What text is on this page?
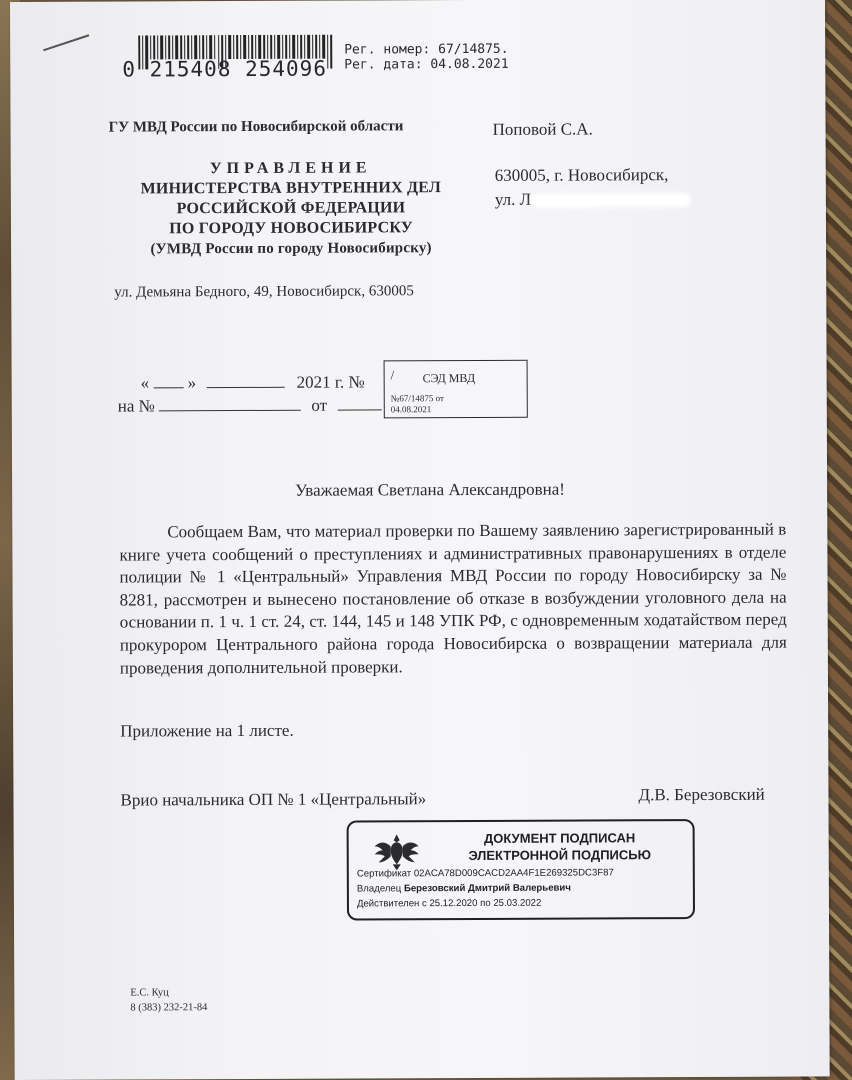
0 215408 254096
Рег. номер: 67/14875.
Рег. дата: 04.08.2021
ГУ МВД России по Новосибирской области
УПРАВЛЕНИЕ
МИНИСТЕРСТВА ВНУТРЕННИХ ДЕЛ
РОССИЙСКОЙ ФЕДЕРАЦИИ
ПО ГОРОДУ НОВОСИБИРСКУ
(УМВД России по городу Новосибирску)
ул. Демьяна Бедного, 49, Новосибирск, 630005
Поповой С.А.
630005, г. Новосибирск,
ул. Л
« »	2021 г. №
на №	от
/ СЭД МВД
№67/14875 от
04.08.2021
Уважаемая Светлана Александровна!
Сообщаем Вам, что материал проверки по Вашему заявлению зарегистрированный в книге учета сообщений о преступлениях и административных правонарушениях в отделе полиции № 1 «Центральный» Управления МВД России по городу Новосибирску за № 8281, рассмотрен и вынесено постановление об отказе в возбуждении уголовного дела на основании п. 1 ч. 1 ст. 24, ст. 144, 145 и 148 УПК РФ, с одновременным ходатайством перед прокурором Центрального района города Новосибирска о возвращении материала для проведения дополнительной проверки.
Приложение на 1 листе.
Врио начальника ОП № 1 «Центральный»	Д.В. Березовский
ДОКУМЕНТ ПОДПИСАН
ЭЛЕКТРОННОЙ ПОДПИСЬЮ
Сертификат 02ACA78D009CACD2AA4F1E269325DC3F87
Владелец Березовский Дмитрий Валерьевич
Действителен с 25.12.2020 по 25.03.2022
Е.С. Куц
8 (383) 232-21-84
